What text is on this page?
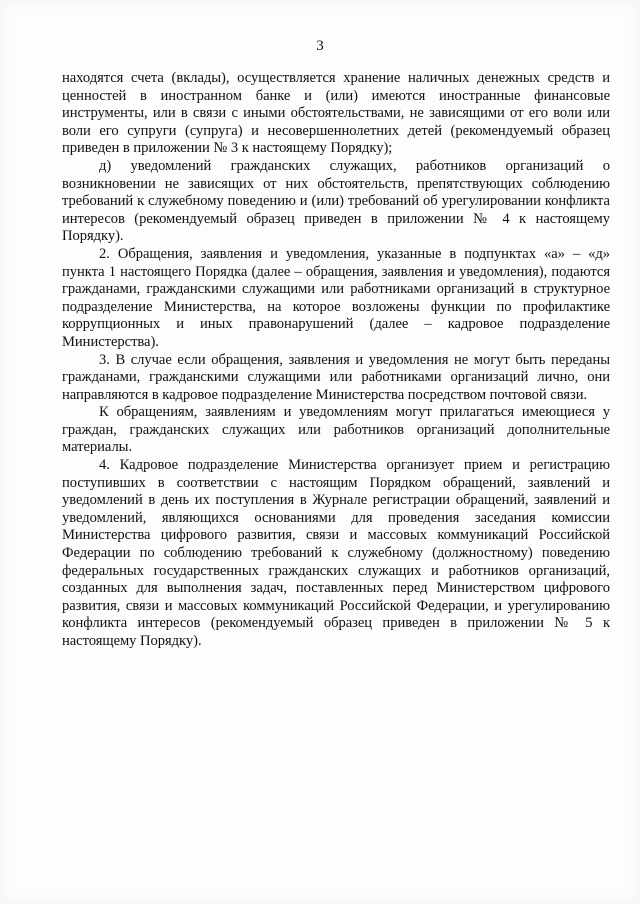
3

находятся счета (вклады), осуществляется хранение наличных денежных средств и ценностей в иностранном банке и (или) имеются иностранные финансовые инструменты, или в связи с иными обстоятельствами, не зависящими от его воли или воли его супруги (супруга) и несовершеннолетних детей (рекомендуемый образец приведен в приложении № 3 к настоящему Порядку);

д) уведомлений гражданских служащих, работников организаций о возникновении не зависящих от них обстоятельств, препятствующих соблюдению требований к служебному поведению и (или) требований об урегулировании конфликта интересов (рекомендуемый образец приведен в приложении № 4 к настоящему Порядку).

2. Обращения, заявления и уведомления, указанные в подпунктах «а» – «д» пункта 1 настоящего Порядка (далее – обращения, заявления и уведомления), подаются гражданами, гражданскими служащими или работниками организаций в структурное подразделение Министерства, на которое возложены функции по профилактике коррупционных и иных правонарушений (далее – кадровое подразделение Министерства).

3. В случае если обращения, заявления и уведомления не могут быть переданы гражданами, гражданскими служащими или работниками организаций лично, они направляются в кадровое подразделение Министерства посредством почтовой связи.

К обращениям, заявлениям и уведомлениям могут прилагаться имеющиеся у граждан, гражданских служащих или работников организаций дополнительные материалы.

4. Кадровое подразделение Министерства организует прием и регистрацию поступивших в соответствии с настоящим Порядком обращений, заявлений и уведомлений в день их поступления в Журнале регистрации обращений, заявлений и уведомлений, являющихся основаниями для проведения заседания комиссии Министерства цифрового развития, связи и массовых коммуникаций Российской Федерации по соблюдению требований к служебному (должностному) поведению федеральных государственных гражданских служащих и работников организаций, созданных для выполнения задач, поставленных перед Министерством цифрового развития, связи и массовых коммуникаций Российской Федерации, и урегулированию конфликта интересов (рекомендуемый образец приведен в приложении № 5 к настоящему Порядку).
